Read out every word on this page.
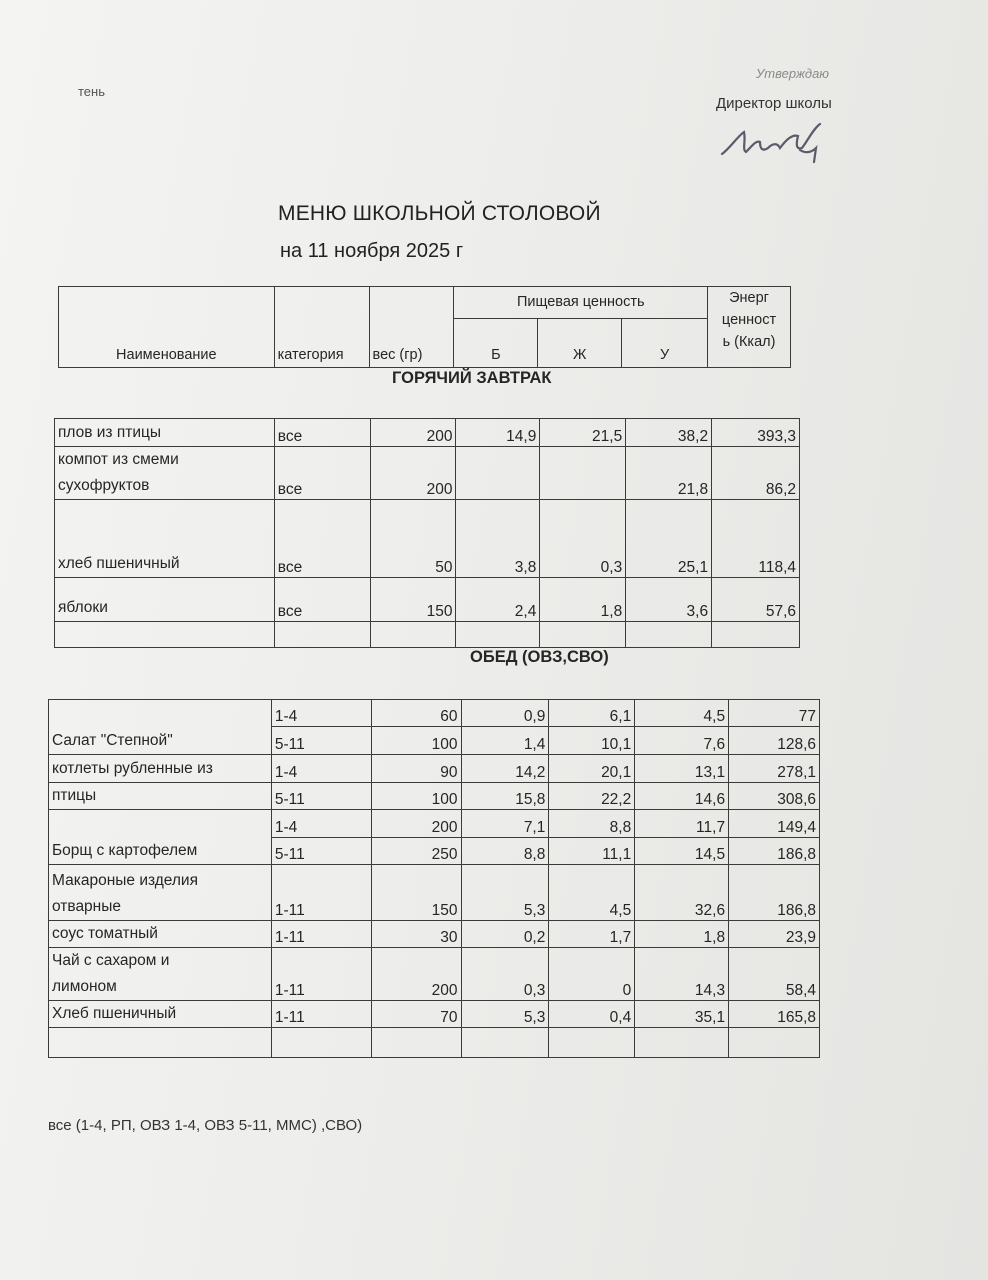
тень
Утверждаю
Директор школы
МЕНЮ ШКОЛЬНОЙ СТОЛОВОЙ
на 11 ноября 2025 г
Наименование	категория	вес (гр)	Пищевая ценность			Энерг
ценност
ь (Ккал)

			Б	Ж	У	
ГОРЯЧИЙ ЗАВТРАК
плов из птицы	все	200	14,9	21,5	38,2	393,3

компот из смеми
сухофруктов	все	200			21,8	86,2
хлеб пшеничный	все	50	3,8	0,3	25,1	118,4
яблоки	все	150	2,4	1,8	3,6	57,6

ОБЕД (ОВЗ,СВО)
Салат "Степной"	1-4	60	0,9	6,1	4,5	77
	5-11	100	1,4	10,1	7,6	128,6
котлеты рубленные из	1-4	90	14,2	20,1	13,1	278,1
птицы	5-11	100	15,8	22,2	14,6	308,6
Борщ с картофелем	1-4	200	7,1	8,8	11,7	149,4
	5-11	250	8,8	11,1	14,5	186,8

Макароные изделия
отварные	1-11	150	5,3	4,5	32,6	186,8
соус томатный	1-11	30	0,2	1,7	1,8	23,9

Чай с сахаром и
лимоном	1-11	200	0,3	0	14,3	58,4
Хлеб пшеничный	1-11	70	5,3	0,4	35,1	165,8

все (1-4, РП, ОВЗ 1-4, ОВЗ 5-11, ММС) ,СВО)
